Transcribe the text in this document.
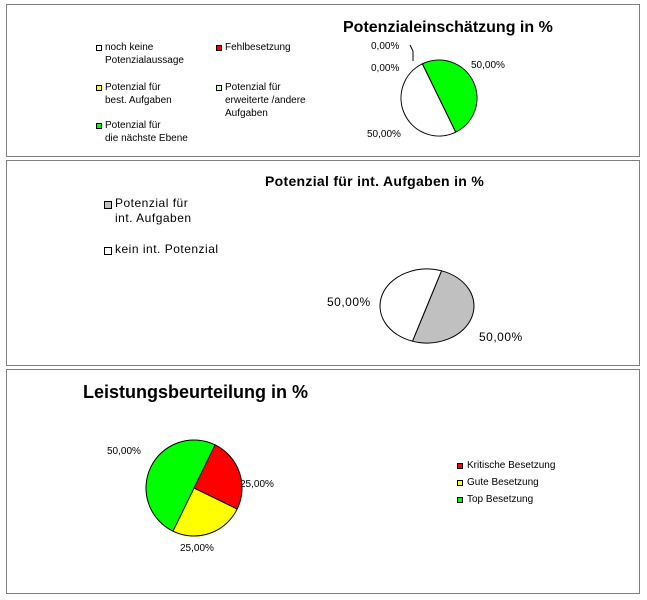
Potenzialeinschätzung in %
noch keine
Potenzialaussage
Fehlbesetzung
Potenzial für
best. Aufgaben
Potenzial für
erweiterte /andere
Aufgaben
Potenzial für
die nächste Ebene
0,00%
0,00%	50,00%
50,00%
Potenzial für int. Aufgaben in %
Potenzial für
int. Aufgaben
kein int. Potenzial
50,00%
50,00%
Leistungsbeurteilung in %
Kritische Besetzung
Gute Besetzung
Top Besetzung
50,00%
25,00%
25,00%
